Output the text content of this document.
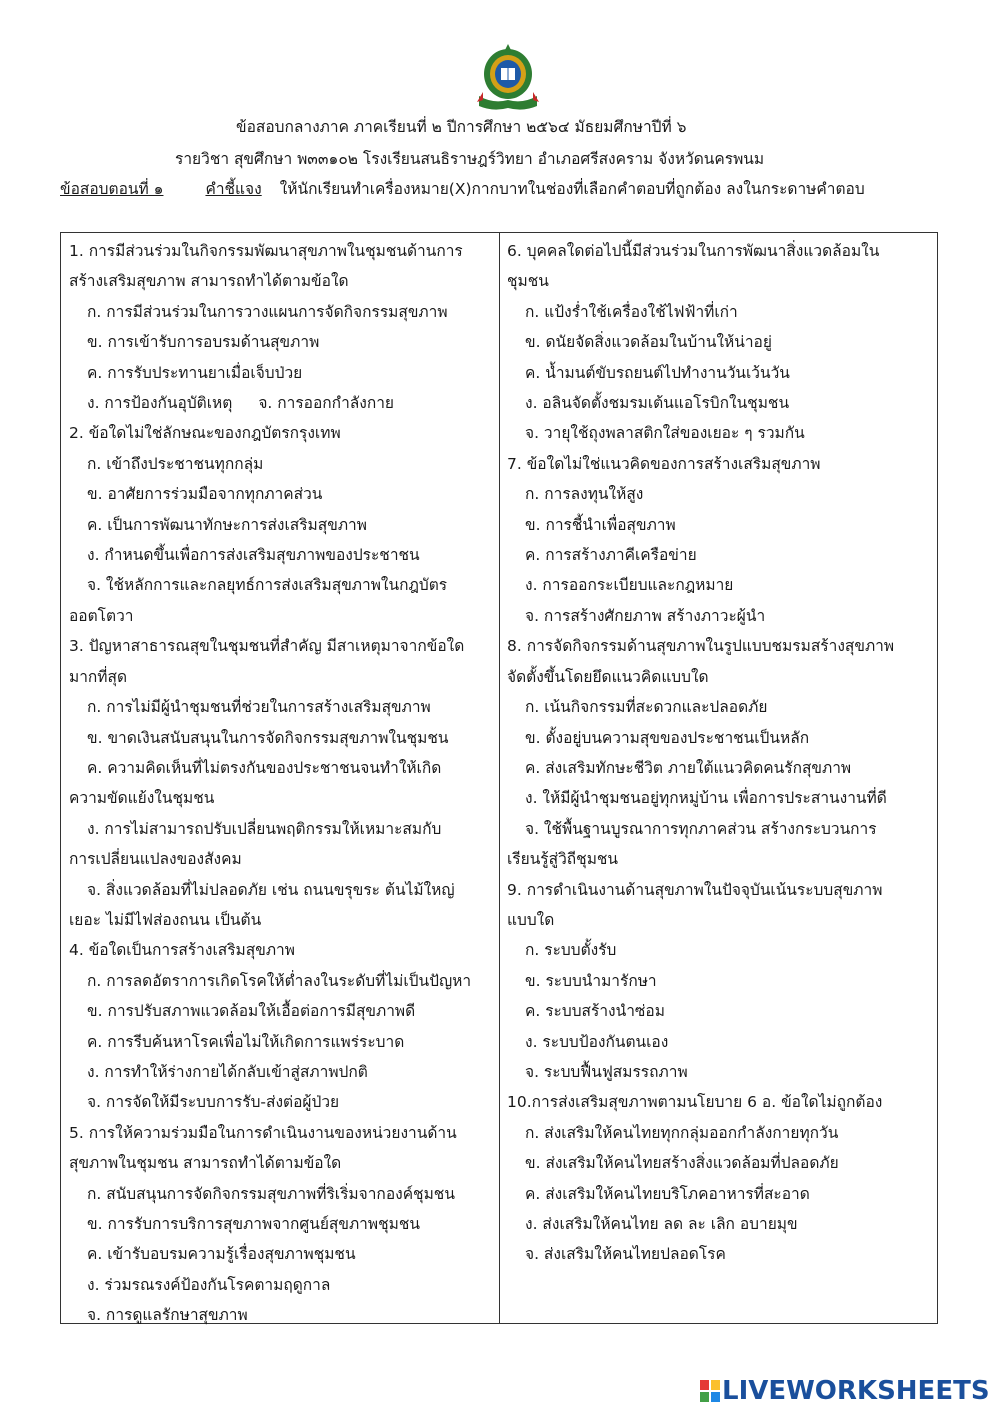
ข้อสอบกลางภาค ภาคเรียนที่ ๒ ปีการศึกษา ๒๕๖๔ มัธยมศึกษาปีที่ ๖
รายวิชา สุขศึกษา พ๓๓๑๐๒ โรงเรียนสนธิราษฎร์วิทยา อำเภอศรีสงคราม จังหวัดนครพนม
ข้อสอบตอนที่ ๑	คำชี้แจง ให้นักเรียนทำเครื่องหมาย(X)กากบาทในช่องที่เลือกคำตอบที่ถูกต้อง ลงในกระดาษคำตอบ

1. การมีส่วนร่วมในกิจกรรมพัฒนาสุขภาพในชุมชนด้านการ

สร้างเสริมสุขภาพ สามารถทำได้ตามข้อใด

ก. การมีส่วนร่วมในการวางแผนการจัดกิจกรรมสุขภาพ

ข. การเข้ารับการอบรมด้านสุขภาพ

ค. การรับประทานยาเมื่อเจ็บป่วย

ง. การป้องกันอุบัติเหตุ จ. การออกกำลังกาย

2. ข้อใดไม่ใช่ลักษณะของกฎบัตรกรุงเทพ

ก. เข้าถึงประชาชนทุกกลุ่ม

ข. อาศัยการร่วมมือจากทุกภาคส่วน

ค. เป็นการพัฒนาทักษะการส่งเสริมสุขภาพ

ง. กำหนดขึ้นเพื่อการส่งเสริมสุขภาพของประชาชน

จ. ใช้หลักการและกลยุทธ์การส่งเสริมสุขภาพในกฎบัตร

ออตโตวา

3. ปัญหาสาธารณสุขในชุมชนที่สำคัญ มีสาเหตุมาจากข้อใด

มากที่สุด

ก. การไม่มีผู้นำชุมชนที่ช่วยในการสร้างเสริมสุขภาพ

ข. ขาดเงินสนับสนุนในการจัดกิจกรรมสุขภาพในชุมชน

ค. ความคิดเห็นที่ไม่ตรงกันของประชาชนจนทำให้เกิด

ความขัดแย้งในชุมชน

ง. การไม่สามารถปรับเปลี่ยนพฤติกรรมให้เหมาะสมกับ

การเปลี่ยนแปลงของสังคม

จ. สิ่งแวดล้อมที่ไม่ปลอดภัย เช่น ถนนขรุขระ ต้นไม้ใหญ่

เยอะ ไม่มีไฟส่องถนน เป็นต้น

4. ข้อใดเป็นการสร้างเสริมสุขภาพ

ก. การลดอัตราการเกิดโรคให้ต่ำลงในระดับที่ไม่เป็นปัญหา

ข. การปรับสภาพแวดล้อมให้เอื้อต่อการมีสุขภาพดี

ค. การรีบค้นหาโรคเพื่อไม่ให้เกิดการแพร่ระบาด

ง. การทำให้ร่างกายได้กลับเข้าสู่สภาพปกติ

จ. การจัดให้มีระบบการรับ-ส่งต่อผู้ป่วย

5. การให้ความร่วมมือในการดำเนินงานของหน่วยงานด้าน

สุขภาพในชุมชน สามารถทำได้ตามข้อใด

ก. สนับสนุนการจัดกิจกรรมสุขภาพที่ริเริ่มจากองค์ชุมชน

ข. การรับการบริการสุขภาพจากศูนย์สุขภาพชุมชน

ค. เข้ารับอบรมความรู้เรื่องสุขภาพชุมชน

ง. ร่วมรณรงค์ป้องกันโรคตามฤดูกาล

จ. การดูแลรักษาสุขภาพ

6. บุคคลใดต่อไปนี้มีส่วนร่วมในการพัฒนาสิ่งแวดล้อมใน

ชุมชน

ก. แป้งร่ำใช้เครื่องใช้ไฟฟ้าที่เก่า

ข. ดนัยจัดสิ่งแวดล้อมในบ้านให้น่าอยู่

ค. น้ำมนต์ขับรถยนต์ไปทำงานวันเว้นวัน

ง. อลินจัดตั้งชมรมเต้นแอโรบิกในชุมชน

จ. วายุใช้ถุงพลาสติกใส่ของเยอะ ๆ รวมกัน

7. ข้อใดไม่ใช่แนวคิดของการสร้างเสริมสุขภาพ

ก. การลงทุนให้สูง

ข. การชี้นำเพื่อสุขภาพ

ค. การสร้างภาคีเครือข่าย

ง. การออกระเบียบและกฎหมาย

จ. การสร้างศักยภาพ สร้างภาวะผู้นำ

8. การจัดกิจกรรมด้านสุขภาพในรูปแบบชมรมสร้างสุขภาพ

จัดตั้งขึ้นโดยยึดแนวคิดแบบใด

ก. เน้นกิจกรรมที่สะดวกและปลอดภัย

ข. ตั้งอยู่บนความสุขของประชาชนเป็นหลัก

ค. ส่งเสริมทักษะชีวิต ภายใต้แนวคิดคนรักสุขภาพ

ง. ให้มีผู้นำชุมชนอยู่ทุกหมู่บ้าน เพื่อการประสานงานที่ดี

จ. ใช้พื้นฐานบูรณาการทุกภาคส่วน สร้างกระบวนการ

เรียนรู้สู่วิถีชุมชน

9. การดำเนินงานด้านสุขภาพในปัจจุบันเน้นระบบสุขภาพ

แบบใด

ก. ระบบตั้งรับ

ข. ระบบนำมารักษา

ค. ระบบสร้างนำซ่อม

ง. ระบบป้องกันตนเอง

จ. ระบบฟื้นฟูสมรรถภาพ

10.การส่งเสริมสุขภาพตามนโยบาย 6 อ. ข้อใดไม่ถูกต้อง

ก. ส่งเสริมให้คนไทยทุกกลุ่มออกกำลังกายทุกวัน

ข. ส่งเสริมให้คนไทยสร้างสิ่งแวดล้อมที่ปลอดภัย

ค. ส่งเสริมให้คนไทยบริโภคอาหารที่สะอาด

ง. ส่งเสริมให้คนไทย ลด ละ เลิก อบายมุข

จ. ส่งเสริมให้คนไทยปลอดโรค

LIVEWORKSHEETS
